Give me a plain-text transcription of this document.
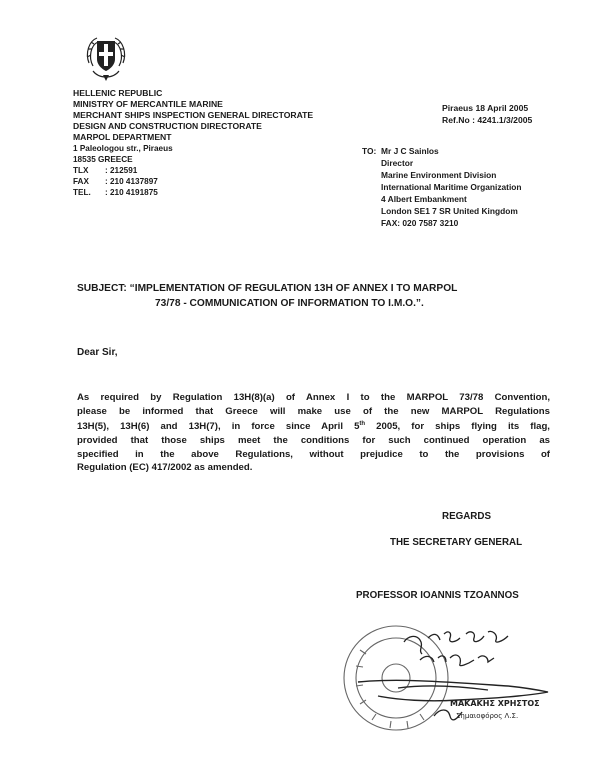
HELLENIC REPUBLIC
MINISTRY OF MERCANTILE MARINE
MERCHANT SHIPS INSPECTION GENERAL DIRECTORATE
DESIGN AND CONSTRUCTION DIRECTORATE
MARPOL DEPARTMENT
1 Paleologou str., Piraeus
18535 GREECE
TLX	: 212591
FAX	: 210 4137897
TEL.	: 210 4191875
Piraeus 18 April 2005
Ref.No : 4241.1/3/2005
TO: Mr J C Sainlos
Director
Marine Environment Division
International Maritime Organization
4 Albert Embankment
London SE1 7 SR United Kingdom
FAX: 020 7587 3210
SUBJECT: “IMPLEMENTATION OF REGULATION 13H OF ANNEX I TO MARPOL
73/78 - COMMUNICATION OF INFORMATION TO I.M.O.”.
Dear Sir,
As required by Regulation 13H(8)(a) of Annex I to the MARPOL 73/78 Convention,
please be informed that Greece will make use of the new MARPOL Regulations
13H(5), 13H(6) and 13H(7), in force since April 5th 2005, for ships flying its flag,
provided that those ships meet the conditions for such continued operation as
specified in the above Regulations, without prejudice to the provisions of
Regulation (EC) 417/2002 as amended.
REGARDS
THE SECRETARY GENERAL
PROFESSOR IOANNIS TZOANNOS
ΜΑΚΑΚΗΣ ΧΡΗΣΤΟΣ
Σημαιοφόρος Λ.Σ.
